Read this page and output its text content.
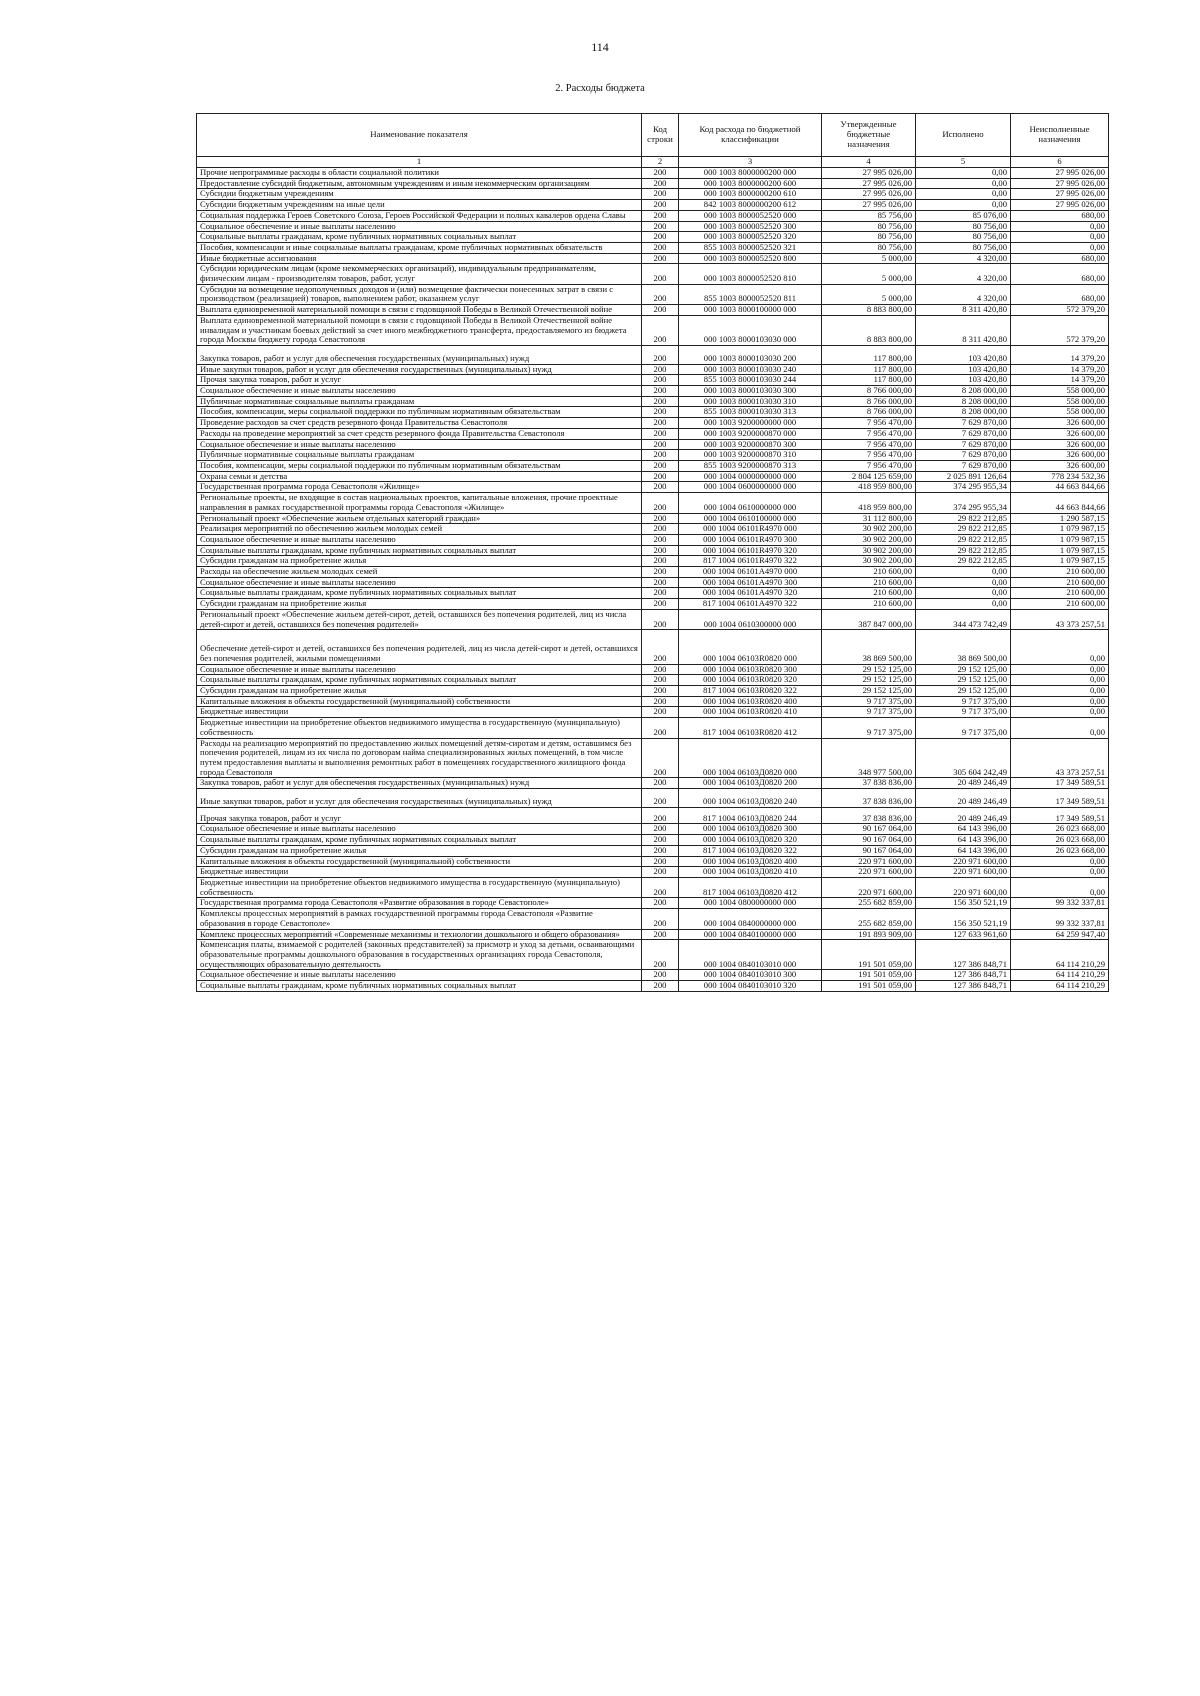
114
2. Расходы бюджета
Наименование показателя	Код строки	Код расхода по бюджетной классификации	Утвержденные бюджетные назначения	Исполнено	Неисполненные назначения
1	2	3	4	5	6
Прочие непрограммные расходы в области социальной политики	200	000 1003 8000000200 000	27 995 026,00	0,00	27 995 026,00
Предоставление субсидий бюджетным, автономным учреждениям и иным некоммерческим организациям	200	000 1003 8000000200 600	27 995 026,00	0,00	27 995 026,00
Субсидии бюджетным учреждениям	200	000 1003 8000000200 610	27 995 026,00	0,00	27 995 026,00
Субсидии бюджетным учреждениям на иные цели	200	842 1003 8000000200 612	27 995 026,00	0,00	27 995 026,00
Социальная поддержка Героев Советского Союза, Героев Российской Федерации и полных кавалеров ордена Славы	200	000 1003 8000052520 000	85 756,00	85 076,00	680,00
Социальное обеспечение и иные выплаты населению	200	000 1003 8000052520 300	80 756,00	80 756,00	0,00
Социальные выплаты гражданам, кроме публичных нормативных социальных выплат	200	000 1003 8000052520 320	80 756,00	80 756,00	0,00
Пособия, компенсации и иные социальные выплаты гражданам, кроме публичных нормативных обязательств	200	855 1003 8000052520 321	80 756,00	80 756,00	0,00
Иные бюджетные ассигнования	200	000 1003 8000052520 800	5 000,00	4 320,00	680,00
Субсидии юридическим лицам (кроме некоммерческих организаций), индивидуальным предпринимателям, физическим лицам - производителям товаров, работ, услуг	200	000 1003 8000052520 810	5 000,00	4 320,00	680,00
Субсидии на возмещение недополученных доходов и (или) возмещение фактически понесенных затрат в связи с производством (реализацией) товаров, выполнением работ, оказанием услуг	200	855 1003 8000052520 811	5 000,00	4 320,00	680,00
Выплата единовременной материальной помощи в связи с годовщиной Победы в Великой Отечественной войне	200	000 1003 8000100000 000	8 883 800,00	8 311 420,80	572 379,20
Выплата единовременной материальной помощи в связи с годовщиной Победы в Великой Отечественной войне инвалидам и участникам боевых действий за счет иного межбюджетного трансферта, предоставляемого из бюджета города Москвы бюджету города Севастополя	200	000 1003 8000103030 000	8 883 800,00	8 311 420,80	572 379,20
Закупка товаров, работ и услуг для обеспечения государственных (муниципальных) нужд	200	000 1003 8000103030 200	117 800,00	103 420,80	14 379,20
Иные закупки товаров, работ и услуг для обеспечения государственных (муниципальных) нужд	200	000 1003 8000103030 240	117 800,00	103 420,80	14 379,20
Прочая закупка товаров, работ и услуг	200	855 1003 8000103030 244	117 800,00	103 420,80	14 379,20
Социальное обеспечение и иные выплаты населению	200	000 1003 8000103030 300	8 766 000,00	8 208 000,00	558 000,00
Публичные нормативные социальные выплаты гражданам	200	000 1003 8000103030 310	8 766 000,00	8 208 000,00	558 000,00
Пособия, компенсации, меры социальной поддержки по публичным нормативным обязательствам	200	855 1003 8000103030 313	8 766 000,00	8 208 000,00	558 000,00
Проведение расходов за счет средств резервного фонда Правительства Севастополя	200	000 1003 9200000000 000	7 956 470,00	7 629 870,00	326 600,00
Расходы на проведение мероприятий за счет средств резервного фонда Правительства Севастополя	200	000 1003 9200000870 000	7 956 470,00	7 629 870,00	326 600,00
Социальное обеспечение и иные выплаты населению	200	000 1003 9200000870 300	7 956 470,00	7 629 870,00	326 600,00
Публичные нормативные социальные выплаты гражданам	200	000 1003 9200000870 310	7 956 470,00	7 629 870,00	326 600,00
Пособия, компенсации, меры социальной поддержки по публичным нормативным обязательствам	200	855 1003 9200000870 313	7 956 470,00	7 629 870,00	326 600,00
Охрана семьи и детства	200	000 1004 0000000000 000	2 804 125 659,00	2 025 891 126,64	778 234 532,36
Государственная программа города Севастополя «Жилище»	200	000 1004 0600000000 000	418 959 800,00	374 295 955,34	44 663 844,66
Региональные проекты, не входящие в состав национальных проектов, капитальные вложения, прочие проектные направления в рамках государственной программы города Севастополя «Жилище»	200	000 1004 0610000000 000	418 959 800,00	374 295 955,34	44 663 844,66
Региональный проект «Обеспечение жильем отдельных категорий граждан»	200	000 1004 0610100000 000	31 112 800,00	29 822 212,85	1 290 587,15
Реализация мероприятий по обеспечению жильем молодых семей	200	000 1004 06101R4970 000	30 902 200,00	29 822 212,85	1 079 987,15
Социальное обеспечение и иные выплаты населению	200	000 1004 06101R4970 300	30 902 200,00	29 822 212,85	1 079 987,15
Социальные выплаты гражданам, кроме публичных нормативных социальных выплат	200	000 1004 06101R4970 320	30 902 200,00	29 822 212,85	1 079 987,15
Субсидии гражданам на приобретение жилья	200	817 1004 06101R4970 322	30 902 200,00	29 822 212,85	1 079 987,15
Расходы на обеспечение жильем молодых семей	200	000 1004 06101А4970 000	210 600,00	0,00	210 600,00
Социальное обеспечение и иные выплаты населению	200	000 1004 06101А4970 300	210 600,00	0,00	210 600,00
Социальные выплаты гражданам, кроме публичных нормативных социальных выплат	200	000 1004 06101А4970 320	210 600,00	0,00	210 600,00
Субсидии гражданам на приобретение жилья	200	817 1004 06101А4970 322	210 600,00	0,00	210 600,00
Региональный проект «Обеспечение жильем детей-сирот, детей, оставшихся без попечения родителей, лиц из числа детей-сирот и детей, оставшихся без попечения родителей»	200	000 1004 0610300000 000	387 847 000,00	344 473 742,49	43 373 257,51
Обеспечение детей-сирот и детей, оставшихся без попечения родителей, лиц из числа детей-сирот и детей, оставшихся без попечения родителей, жилыми помещениями	200	000 1004 06103R0820 000	38 869 500,00	38 869 500,00	0,00
Социальное обеспечение и иные выплаты населению	200	000 1004 06103R0820 300	29 152 125,00	29 152 125,00	0,00
Социальные выплаты гражданам, кроме публичных нормативных социальных выплат	200	000 1004 06103R0820 320	29 152 125,00	29 152 125,00	0,00
Субсидии гражданам на приобретение жилья	200	817 1004 06103R0820 322	29 152 125,00	29 152 125,00	0,00
Капитальные вложения в объекты государственной (муниципальной) собственности	200	000 1004 06103R0820 400	9 717 375,00	9 717 375,00	0,00
Бюджетные инвестиции	200	000 1004 06103R0820 410	9 717 375,00	9 717 375,00	0,00
Бюджетные инвестиции на приобретение объектов недвижимого имущества в государственную (муниципальную) собственность	200	817 1004 06103R0820 412	9 717 375,00	9 717 375,00	0,00
Расходы на реализацию мероприятий по предоставлению жилых помещений детям-сиротам и детям, оставшимся без попечения родителей, лицам из их числа по договорам найма специализированных жилых помещений, в том числе путем предоставления выплаты и выполнения ремонтных работ в помещениях государственного жилищного фонда города Севастополя	200	000 1004 06103Д0820 000	348 977 500,00	305 604 242,49	43 373 257,51
Закупка товаров, работ и услуг для обеспечения государственных (муниципальных) нужд	200	000 1004 06103Д0820 200	37 838 836,00	20 489 246,49	17 349 589,51
Иные закупки товаров, работ и услуг для обеспечения государственных (муниципальных) нужд	200	000 1004 06103Д0820 240	37 838 836,00	20 489 246,49	17 349 589,51
Прочая закупка товаров, работ и услуг	200	817 1004 06103Д0820 244	37 838 836,00	20 489 246,49	17 349 589,51
Социальное обеспечение и иные выплаты населению	200	000 1004 06103Д0820 300	90 167 064,00	64 143 396,00	26 023 668,00
Социальные выплаты гражданам, кроме публичных нормативных социальных выплат	200	000 1004 06103Д0820 320	90 167 064,00	64 143 396,00	26 023 668,00
Субсидии гражданам на приобретение жилья	200	817 1004 06103Д0820 322	90 167 064,00	64 143 396,00	26 023 668,00
Капитальные вложения в объекты государственной (муниципальной) собственности	200	000 1004 06103Д0820 400	220 971 600,00	220 971 600,00	0,00
Бюджетные инвестиции	200	000 1004 06103Д0820 410	220 971 600,00	220 971 600,00	0,00
Бюджетные инвестиции на приобретение объектов недвижимого имущества в государственную (муниципальную) собственность	200	817 1004 06103Д0820 412	220 971 600,00	220 971 600,00	0,00
Государственная программа города Севастополя «Развитие образования в городе Севастополе»	200	000 1004 0800000000 000	255 682 859,00	156 350 521,19	99 332 337,81
Комплексы процессных мероприятий в рамках государственной программы города Севастополя «Развитие образования в городе Севастополе»	200	000 1004 0840000000 000	255 682 859,00	156 350 521,19	99 332 337,81
Комплекс процессных мероприятий «Современные механизмы и технологии дошкольного и общего образования»	200	000 1004 0840100000 000	191 893 909,00	127 633 961,60	64 259 947,40
Компенсация платы, взимаемой с родителей (законных представителей) за присмотр и уход за детьми, осваивающими образовательные программы дошкольного образования в государственных организациях города Севастополя, осуществляющих образовательную деятельность	200	000 1004 0840103010 000	191 501 059,00	127 386 848,71	64 114 210,29
Социальное обеспечение и иные выплаты населению	200	000 1004 0840103010 300	191 501 059,00	127 386 848,71	64 114 210,29
Социальные выплаты гражданам, кроме публичных нормативных социальных выплат	200	000 1004 0840103010 320	191 501 059,00	127 386 848,71	64 114 210,29
